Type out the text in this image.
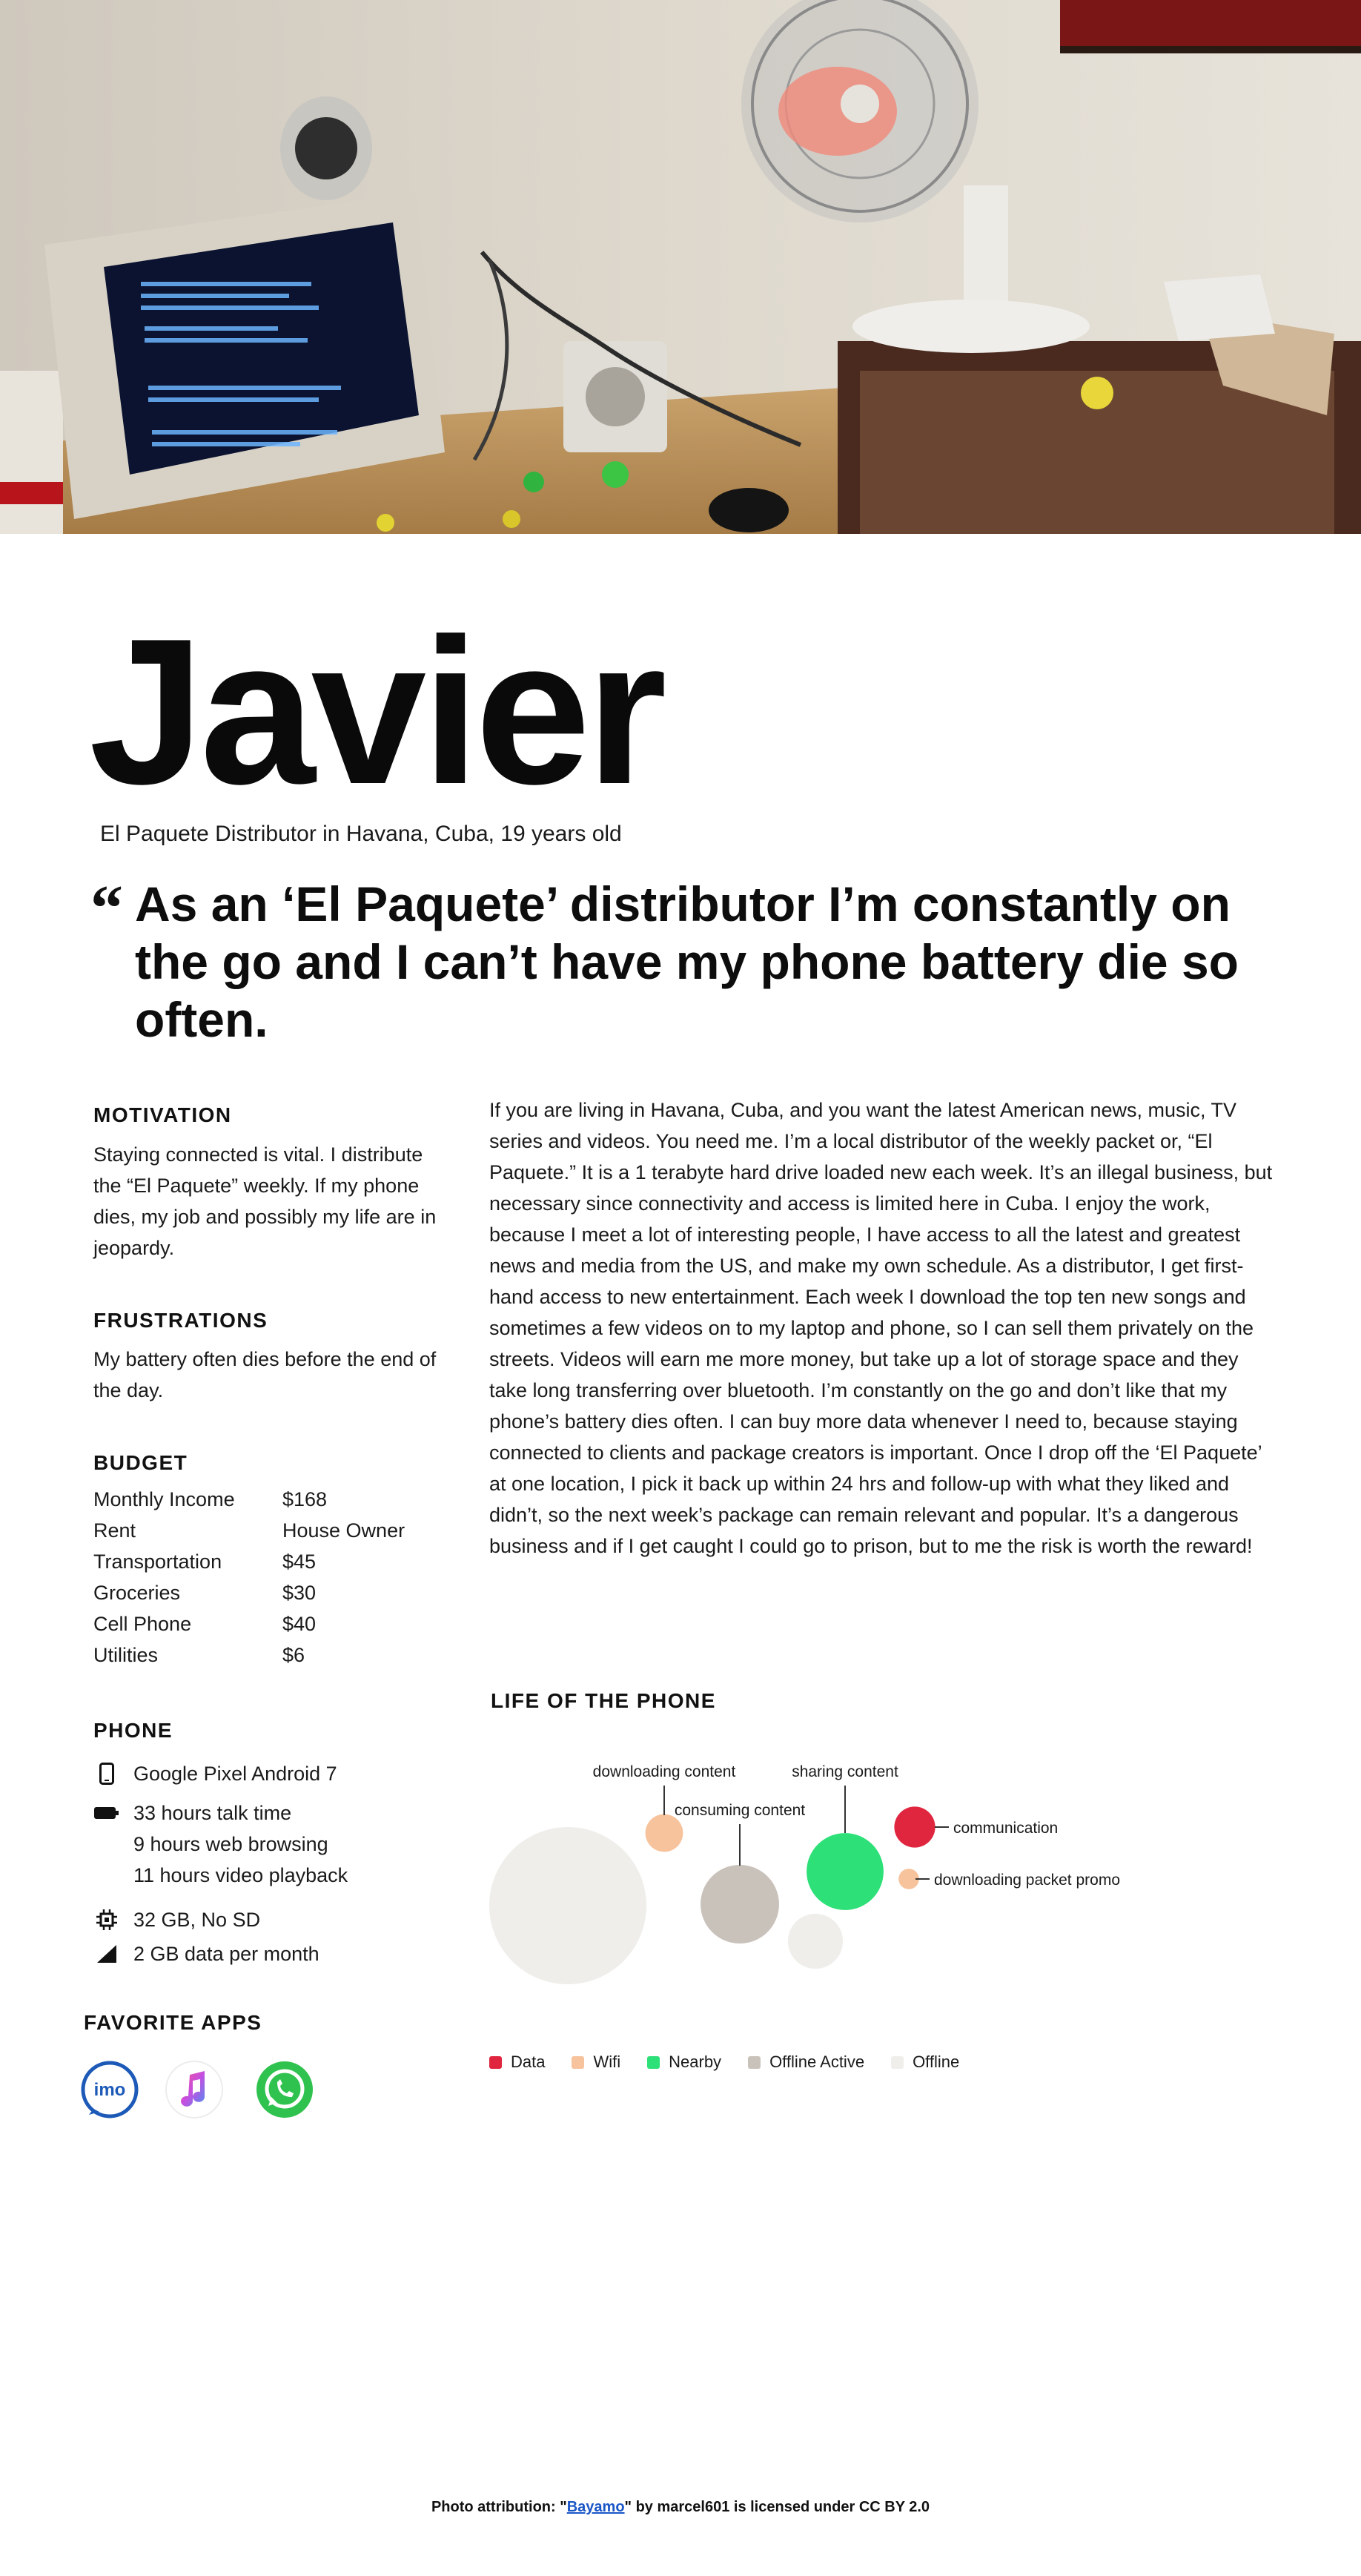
Javier
El Paquete Distributor in Havana, Cuba, 19 years old
“ As an ‘El Paquete’ distributor I’m constantly on the go and I can’t have my phone battery die so often.

MOTIVATION

Staying connected is vital. I distribute the “El Paquete” weekly. If my phone dies, my job and possibly my life are in jeopardy.

FRUSTRATIONS

My battery often dies before the end of the day.

BUDGET
Monthly Income	$168
Rent	House Owner
Transportation	$45
Groceries	$30
Cell Phone	$40
Utilities	$6
PHONE
Google Pixel Android 7
33 hours talk time
9 hours web browsing
11 hours video playback
32 GB, No SD
2 GB data per month
FAVORITE APPS
imo

If you are living in Havana, Cuba, and you want the latest American news, music, TV series and videos. You need me. I’m a local distributor of the weekly packet or, “El Paquete.” It is a 1 terabyte hard drive loaded new each week. It’s an illegal business, but necessary since connectivity and access is limited here in Cuba. I enjoy the work, because I meet a lot of interesting people, I have access to all the latest and greatest news and media from the US, and make my own schedule. As a distributor, I get first-hand access to new entertainment. Each week I download the top ten new songs and sometimes a few videos on to my laptop and phone, so I can sell them privately on the streets. Videos will earn me more money, but take up a lot of storage space and they take long transferring over bluetooth. I’m constantly on the go and don’t like that my phone’s battery dies often. I can buy more data whenever I need to, because staying connected to clients and package creators is important. Once I drop off the ‘El Paquete’ at one location, I pick it back up within 24 hrs and follow-up with what they liked and didn’t, so the next week’s package can remain relevant and popular. It’s a dangerous business and if I get caught I could go to prison, but to me the risk is worth the reward!

LIFE OF THE PHONE
downloading content
consuming content
sharing content
communication
downloading packet promo
Data	Wifi	Nearby	Offline Active	Offline
Photo attribution: "Bayamo" by marcel601 is licensed under CC BY 2.0
